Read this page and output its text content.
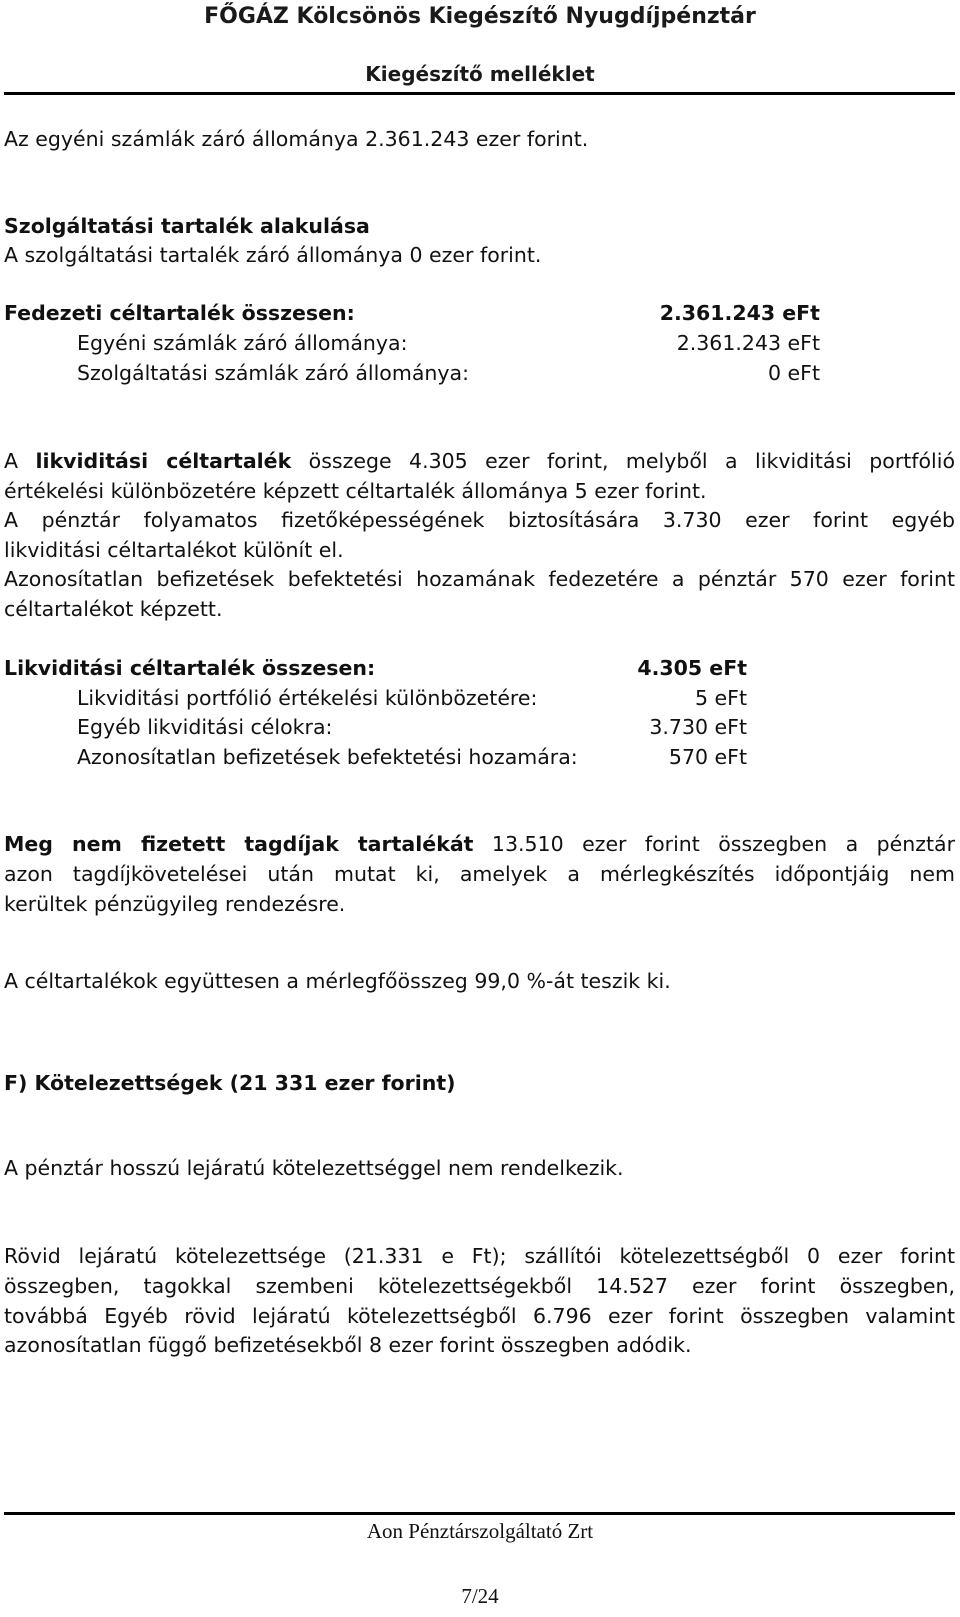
FŐGÁZ Kölcsönös Kiegészítő Nyugdíjpénztár
Kiegészítő melléklet
Az egyéni számlák záró állománya 2.361.243 ezer forint.
Szolgáltatási tartalék alakulása
A szolgáltatási tartalék záró állománya 0 ezer forint.
Fedezeti céltartalék összesen:	2.361.243 eFt
Egyéni számlák záró állománya:	2.361.243 eFt
Szolgáltatási számlák záró állománya:	0 eFt
A likviditási céltartalék összege 4.305 ezer forint, melyből a likviditási portfólió
értékelési különbözetére képzett céltartalék állománya 5 ezer forint.
A pénztár folyamatos fizetőképességének biztosítására 3.730 ezer forint egyéb
likviditási céltartalékot különít el.
Azonosítatlan befizetések befektetési hozamának fedezetére a pénztár 570 ezer forint
céltartalékot képzett.
Likviditási céltartalék összesen:	4.305 eFt
Likviditási portfólió értékelési különbözetére:	5 eFt
Egyéb likviditási célokra:	3.730 eFt
Azonosítatlan befizetések befektetési hozamára:	570 eFt
Meg nem fizetett tagdíjak tartalékát 13.510 ezer forint összegben a pénztár
azon tagdíjkövetelései után mutat ki, amelyek a mérlegkészítés időpontjáig nem
kerültek pénzügyileg rendezésre.
A céltartalékok együttesen a mérlegfőösszeg 99,0 %-át teszik ki.
F) Kötelezettségek (21 331 ezer forint)
A pénztár hosszú lejáratú kötelezettséggel nem rendelkezik.
Rövid lejáratú kötelezettsége (21.331 e Ft); szállítói kötelezettségből 0 ezer forint
összegben, tagokkal szembeni kötelezettségekből 14.527 ezer forint összegben,
továbbá Egyéb rövid lejáratú kötelezettségből 6.796 ezer forint összegben valamint
azonosítatlan függő befizetésekből 8 ezer forint összegben adódik.
Aon Pénztárszolgáltató Zrt
7/24
